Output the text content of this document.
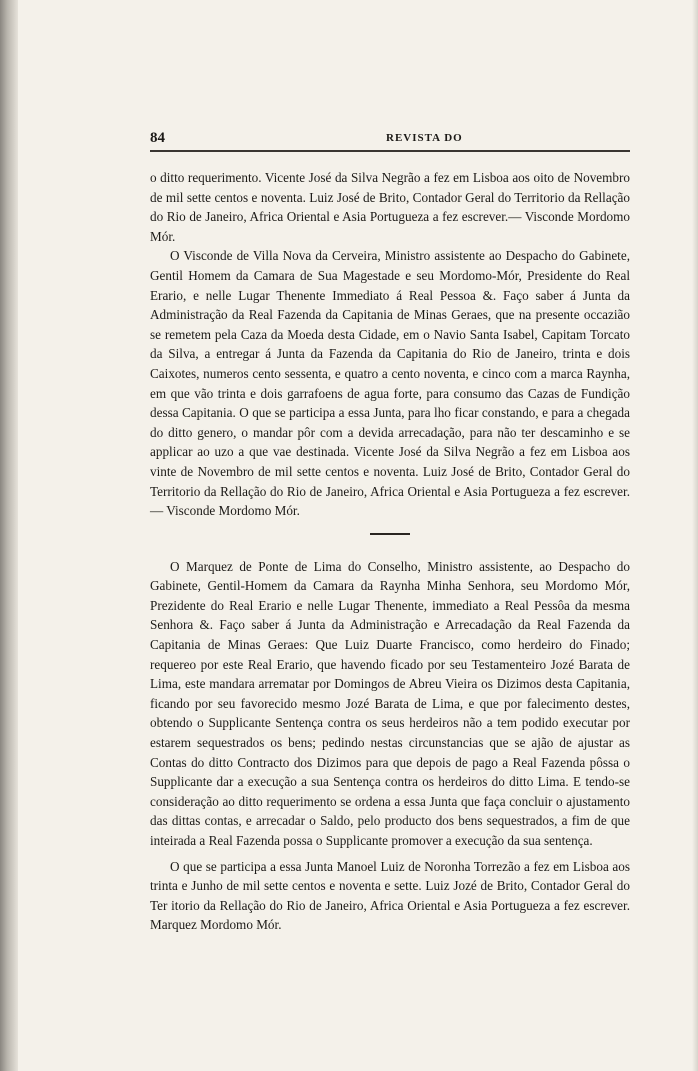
84	REVISTA DO

o ditto requerimento. Vicente José da Silva Negrão a fez em Lisboa aos oito de Novembro de mil sette centos e noventa. Luiz José de Brito, Contador Geral do Territorio da Rellação do Rio de Janeiro, Africa Oriental e Asia Portugueza a fez escrever.— Visconde Mordomo Mór.

O Visconde de Villa Nova da Cerveira, Ministro assistente ao Despacho do Gabinete, Gentil Homem da Camara de Sua Magestade e seu Mordomo-Mór, Presidente do Real Erario, e nelle Lugar Thenente Immediato á Real Pessoa &. Faço saber á Junta da Administração da Real Fazenda da Capitania de Minas Geraes, que na presente occazião se remetem pela Caza da Moeda desta Cidade, em o Navio Santa Isabel, Capitam Torcato da Silva, a entregar á Junta da Fazenda da Capitania do Rio de Janeiro, trinta e dois Caixotes, numeros cento sessenta, e quatro a cento noventa, e cinco com a marca Raynha, em que vão trinta e dois garrafoens de agua forte, para consumo das Cazas de Fundição dessa Capitania. O que se participa a essa Junta, para lho ficar constando, e para a chegada do ditto genero, o mandar pôr com a devida arrecadação, para não ter descaminho e se applicar ao uzo a que vae destinada. Vicente José da Silva Negrão a fez em Lisboa aos vinte de Novembro de mil sette centos e noventa. Luiz José de Brito, Contador Geral do Territorio da Rellação do Rio de Janeiro, Africa Oriental e Asia Portugueza a fez escrever.— Visconde Mordomo Mór.

O Marquez de Ponte de Lima do Conselho, Ministro assistente, ao Despacho do Gabinete, Gentil-Homem da Camara da Raynha Minha Senhora, seu Mordomo Mór, Prezidente do Real Erario e nelle Lugar Thenente, immediato a Real Pessôa da mesma Senhora &. Faço saber á Junta da Administração e Arrecadação da Real Fazenda da Capitania de Minas Geraes: Que Luiz Duarte Francisco, como herdeiro do Finado; requereo por este Real Erario, que havendo ficado por seu Testamenteiro Jozé Barata de Lima, este mandara arrematar por Domingos de Abreu Vieira os Dizimos desta Capitania, ficando por seu favorecido mesmo Jozé Barata de Lima, e que por falecimento destes, obtendo o Supplicante Sentença contra os seus herdeiros não a tem podido executar por estarem sequestrados os bens; pedindo nestas circunstancias que se ajão de ajustar as Contas do ditto Contracto dos Dizimos para que depois de pago a Real Fazenda pôssa o Supplicante dar a execução a sua Sentença contra os herdeiros do ditto Lima. E tendo-se consideração ao ditto requerimento se ordena a essa Junta que faça concluir o ajustamento das dittas contas, e arrecadar o Saldo, pelo producto dos bens sequestrados, a fim de que inteirada a Real Fazenda possa o Supplicante promover a execução da sua sentença.

O que se participa a essa Junta Manoel Luiz de Noronha Torrezão a fez em Lisboa aos trinta e Junho de mil sette centos e noventa e sette. Luiz Jozé de Brito, Contador Geral do Ter itorio da Rellação do Rio de Janeiro, Africa Oriental e Asia Portugueza a fez escrever. Marquez Mordomo Mór.
